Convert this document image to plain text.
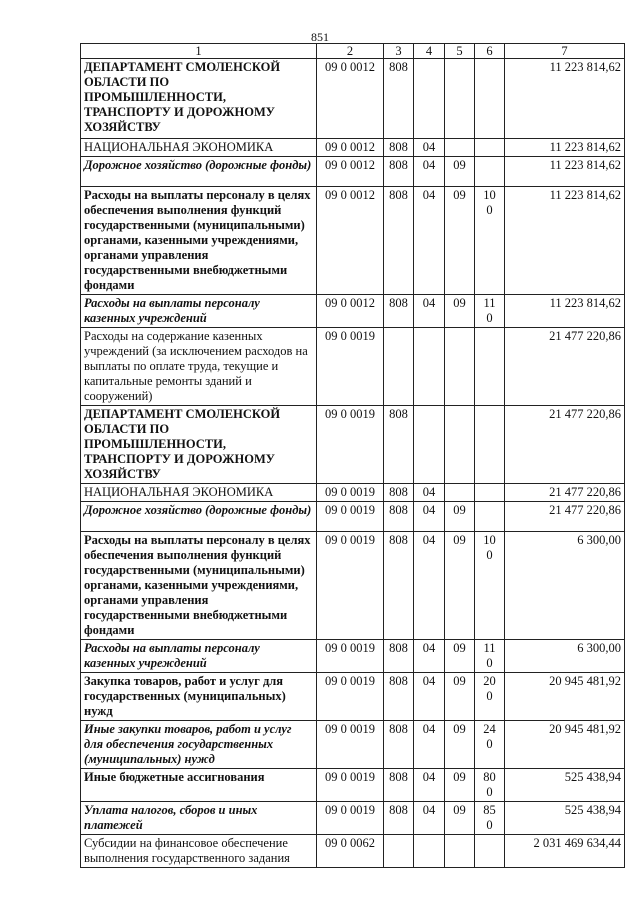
851
1	2	3	4	5	6	7
ДЕПАРТАМЕНТ СМОЛЕНСКОЙ ОБЛАСТИ ПО ПРОМЫШЛЕННОСТИ, ТРАНСПОРТУ И ДОРОЖНОМУ ХОЗЯЙСТВУ	09 0 0012	808				11 223 814,62
НАЦИОНАЛЬНАЯ ЭКОНОМИКА	09 0 0012	808	04			11 223 814,62
Дорожное хозяйство (дорожные фонды)	09 0 0012	808	04	09		11 223 814,62
Расходы на выплаты персоналу в целях обеспечения выполнения функций государственными (муниципальными) органами, казенными учреждениями, органами управления государственными внебюджетными фондами	09 0 0012	808	04	09	100	11 223 814,62
Расходы на выплаты персоналу казенных учреждений	09 0 0012	808	04	09	110	11 223 814,62
Расходы на содержание казенных учреждений (за исключением расходов на выплаты по оплате труда, текущие и капитальные ремонты зданий и сооружений)	09 0 0019					21 477 220,86
ДЕПАРТАМЕНТ СМОЛЕНСКОЙ ОБЛАСТИ ПО ПРОМЫШЛЕННОСТИ, ТРАНСПОРТУ И ДОРОЖНОМУ ХОЗЯЙСТВУ	09 0 0019	808				21 477 220,86
НАЦИОНАЛЬНАЯ ЭКОНОМИКА	09 0 0019	808	04			21 477 220,86
Дорожное хозяйство (дорожные фонды)	09 0 0019	808	04	09		21 477 220,86
Расходы на выплаты персоналу в целях обеспечения выполнения функций государственными (муниципальными) органами, казенными учреждениями, органами управления государственными внебюджетными фондами	09 0 0019	808	04	09	100	6 300,00
Расходы на выплаты персоналу казенных учреждений	09 0 0019	808	04	09	110	6 300,00
Закупка товаров, работ и услуг для государственных (муниципальных) нужд	09 0 0019	808	04	09	200	20 945 481,92
Иные закупки товаров, работ и услуг для обеспечения государственных (муниципальных) нужд	09 0 0019	808	04	09	240	20 945 481,92
Иные бюджетные ассигнования	09 0 0019	808	04	09	800	525 438,94
Уплата налогов, сборов и иных платежей	09 0 0019	808	04	09	850	525 438,94
Субсидии на финансовое обеспечение выполнения государственного задания	09 0 0062					2 031 469 634,44
